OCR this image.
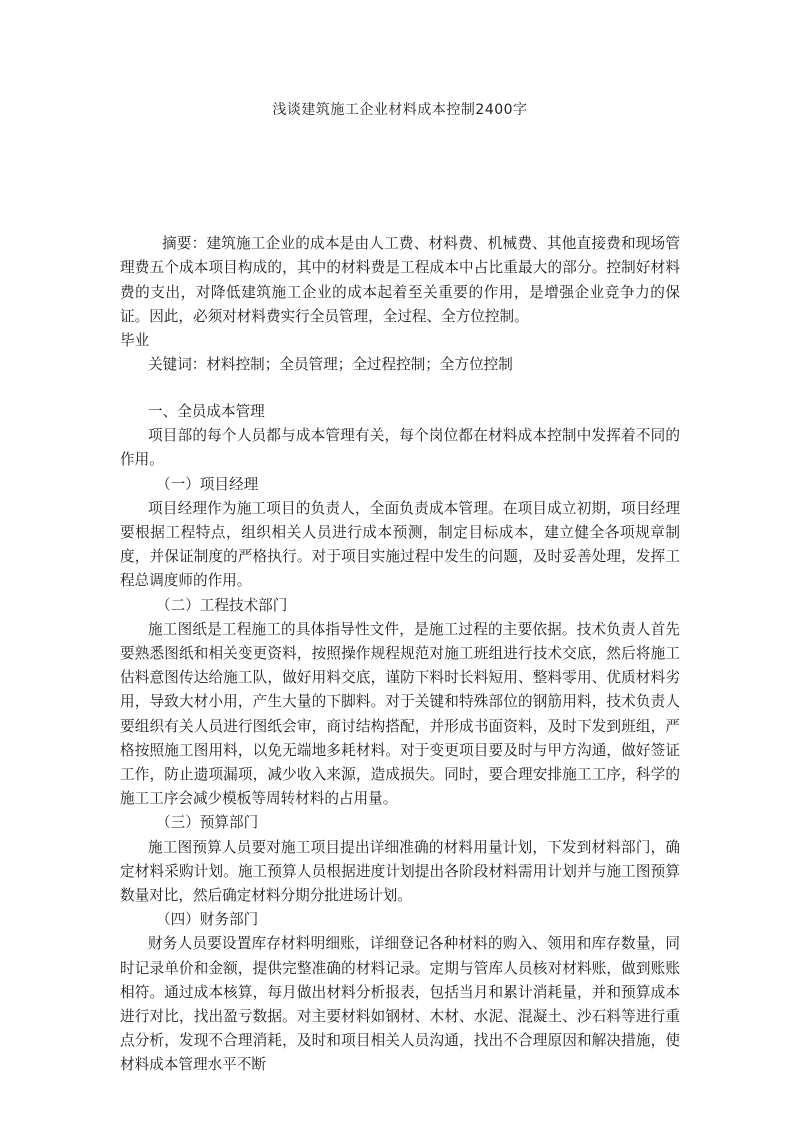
浅谈建筑施工企业材料成本控制2400字

摘要：建筑施工企业的成本是由人工费、材料费、机械费、其他直接费和现场管理费五个成本项目构成的，其中的材料费是工程成本中占比重最大的部分。控制好材料费的支出，对降低建筑施工企业的成本起着至关重要的作用，是增强企业竞争力的保证。因此，必须对材料费实行全员管理，全过程、全方位控制。

毕业

关键词：材料控制；全员管理；全过程控制；全方位控制

一、全员成本管理

项目部的每个人员都与成本管理有关，每个岗位都在材料成本控制中发挥着不同的作用。

（一）项目经理

项目经理作为施工项目的负责人，全面负责成本管理。在项目成立初期，项目经理要根据工程特点，组织相关人员进行成本预测，制定目标成本，建立健全各项规章制度，并保证制度的严格执行。对于项目实施过程中发生的问题，及时妥善处理，发挥工程总调度师的作用。

（二）工程技术部门

施工图纸是工程施工的具体指导性文件，是施工过程的主要依据。技术负责人首先要熟悉图纸和相关变更资料，按照操作规程规范对施工班组进行技术交底，然后将施工估料意图传达给施工队，做好用料交底，谨防下料时长料短用、整料零用、优质材料劣用，导致大材小用，产生大量的下脚料。对于关键和特殊部位的钢筋用料，技术负责人要组织有关人员进行图纸会审，商讨结构搭配，并形成书面资料，及时下发到班组，严格按照施工图用料，以免无端地多耗材料。对于变更项目要及时与甲方沟通，做好签证工作，防止遗项漏项，减少收入来源，造成损失。同时，要合理安排施工工序，科学的施工工序会减少模板等周转材料的占用量。

（三）预算部门

施工图预算人员要对施工项目提出详细准确的材料用量计划，下发到材料部门，确定材料采购计划。施工预算人员根据进度计划提出各阶段材料需用计划并与施工图预算数量对比，然后确定材料分期分批进场计划。

（四）财务部门

财务人员要设置库存材料明细账，详细登记各种材料的购入、领用和库存数量，同时记录单价和金额，提供完整准确的材料记录。定期与管库人员核对材料账，做到账账相符。通过成本核算，每月做出材料分析报表，包括当月和累计消耗量，并和预算成本进行对比，找出盈亏数据。对主要材料如钢材、木材、水泥、混凝土、沙石料等进行重点分析，发现不合理消耗，及时和项目相关人员沟通，找出不合理原因和解决措施，使材料成本管理水平不断
